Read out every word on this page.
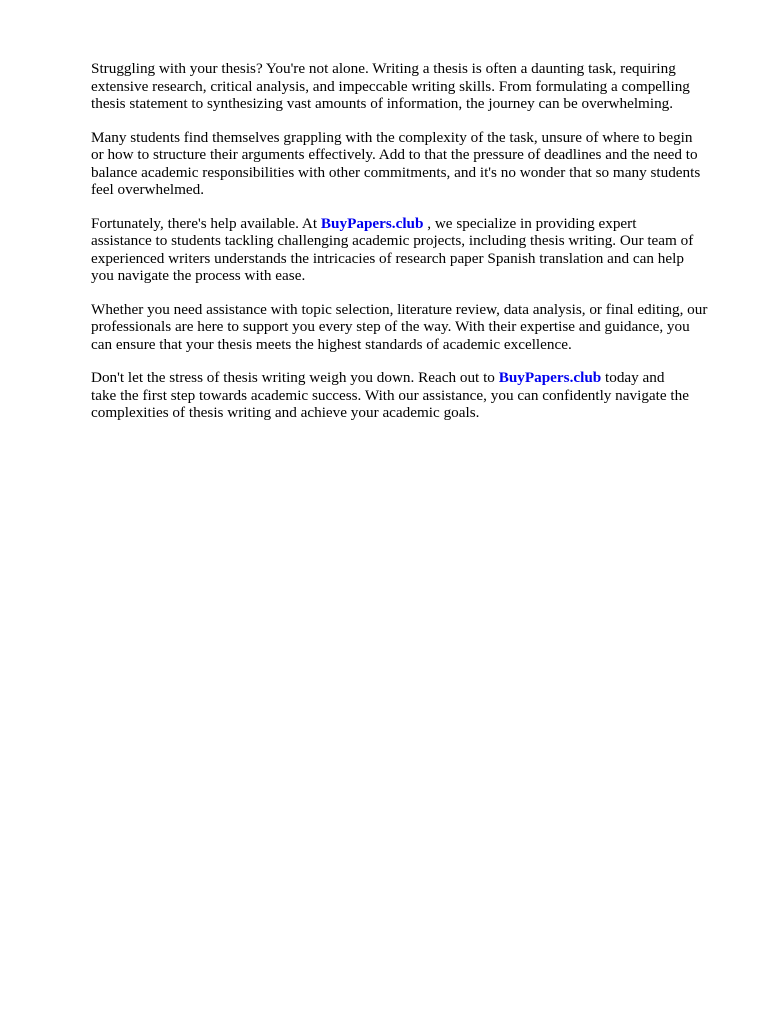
Struggling with your thesis? You're not alone. Writing a thesis is often a daunting task, requiring
extensive research, critical analysis, and impeccable writing skills. From formulating a compelling
thesis statement to synthesizing vast amounts of information, the journey can be overwhelming.

Many students find themselves grappling with the complexity of the task, unsure of where to begin
or how to structure their arguments effectively. Add to that the pressure of deadlines and the need to
balance academic responsibilities with other commitments, and it's no wonder that so many students
feel overwhelmed.

Fortunately, there's help available. At BuyPapers.club , we specialize in providing expert
assistance to students tackling challenging academic projects, including thesis writing. Our team of
experienced writers understands the intricacies of research paper Spanish translation and can help
you navigate the process with ease.

Whether you need assistance with topic selection, literature review, data analysis, or final editing, our
professionals are here to support you every step of the way. With their expertise and guidance, you
can ensure that your thesis meets the highest standards of academic excellence.

Don't let the stress of thesis writing weigh you down. Reach out to BuyPapers.club today and
take the first step towards academic success. With our assistance, you can confidently navigate the
complexities of thesis writing and achieve your academic goals.
